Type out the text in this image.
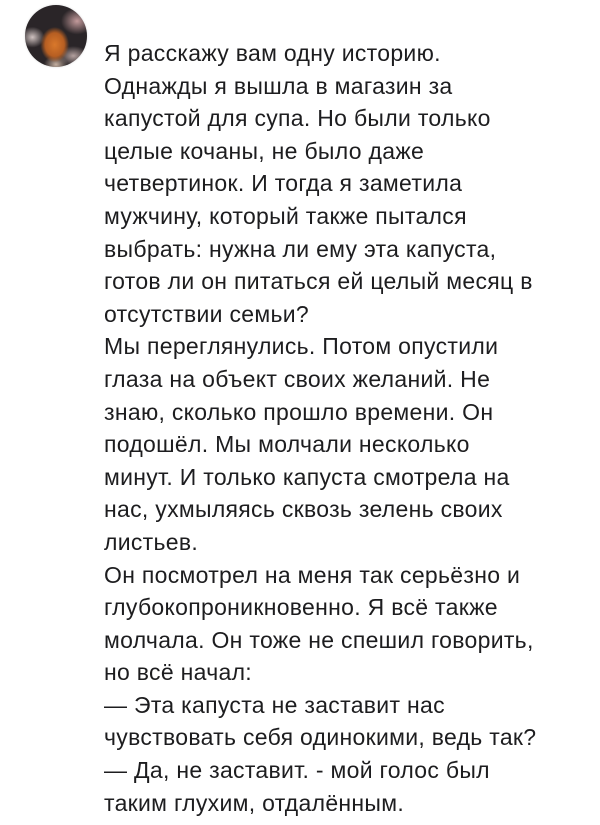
Я расскажу вам одну историю.
Однажды я вышла в магазин за
капустой для супа. Но были только
целые кочаны, не было даже
четвертинок. И тогда я заметила
мужчину, который также пытался
выбрать: нужна ли ему эта капуста,
готов ли он питаться ей целый месяц в
отсутствии семьи?
Мы переглянулись. Потом опустили
глаза на объект своих желаний. Не
знаю, сколько прошло времени. Он
подошёл. Мы молчали несколько
минут. И только капуста смотрела на
нас, ухмыляясь сквозь зелень своих
листьев.
Он посмотрел на меня так серьёзно и
глубокопроникновенно. Я всё также
молчала. Он тоже не спешил говорить,
но всё начал:
— Эта капуста не заставит нас
чувствовать себя одинокими, ведь так?
— Да, не заставит. - мой голос был
таким глухим, отдалённым.
